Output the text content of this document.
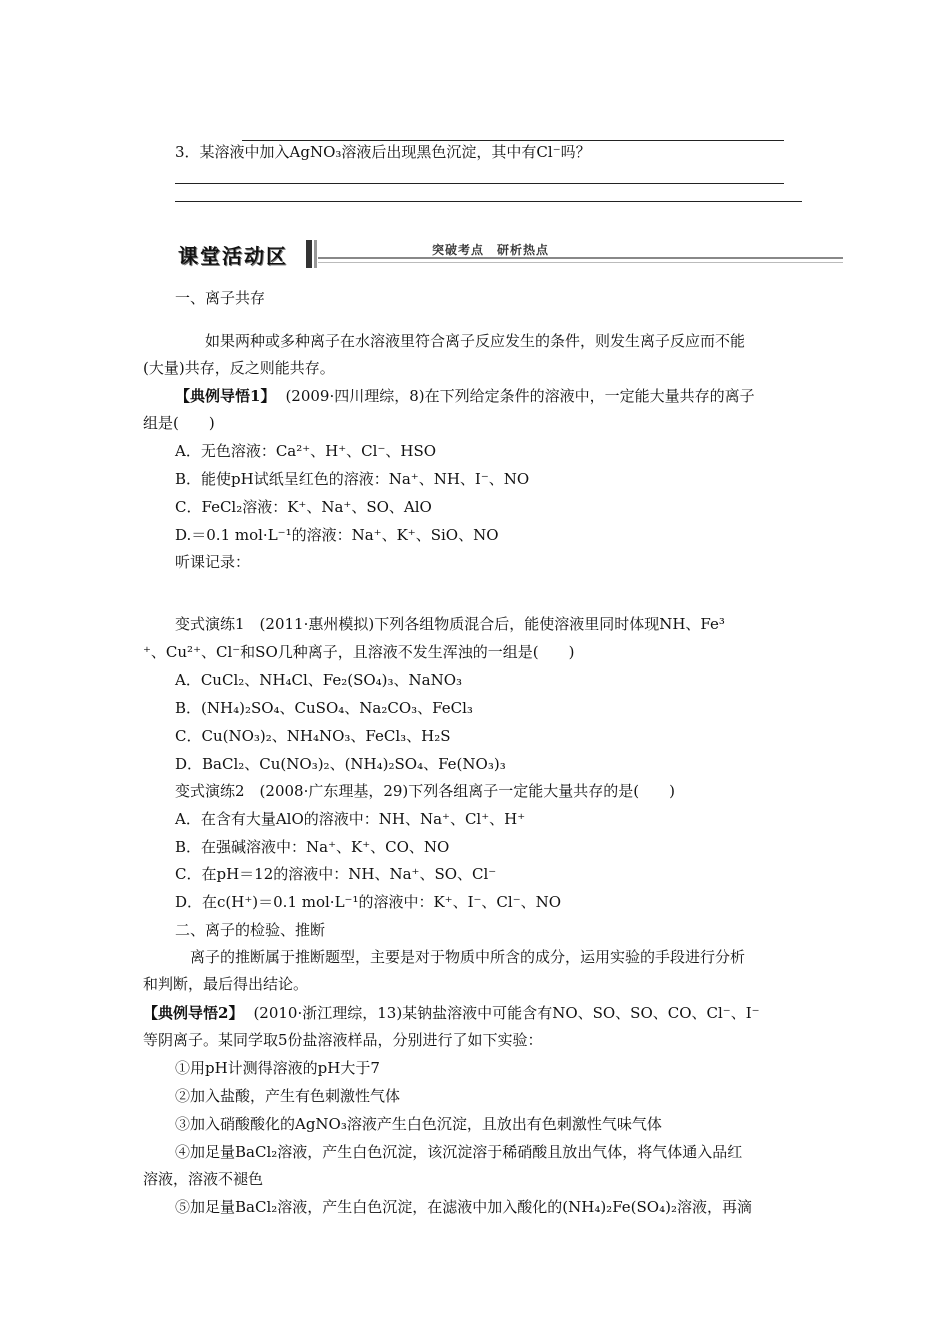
3．某溶液中加入AgNO₃溶液后出现黑色沉淀，其中有Cl⁻吗？
课堂活动区	突破考点　研析热点
一、离子共存
如果两种或多种离子在水溶液里符合离子反应发生的条件，则发生离子反应而不能
(大量)共存，反之则能共存。
【典例导悟1】 (2009·四川理综，8)在下列给定条件的溶液中，一定能大量共存的离子
组是(　　)
A．无色溶液：Ca²⁺、H⁺、Cl⁻、HSO
B．能使pH试纸呈红色的溶液：Na⁺、NH、I⁻、NO
C．FeCl₂溶液：K⁺、Na⁺、SO、AlO
D.＝0.1 mol·L⁻¹的溶液：Na⁺、K⁺、SiO、NO
听课记录：
变式演练1　(2011·惠州模拟)下列各组物质混合后，能使溶液里同时体现NH、Fe³
⁺、Cu²⁺、Cl⁻和SO几种离子，且溶液不发生浑浊的一组是(　　)
A．CuCl₂、NH₄Cl、Fe₂(SO₄)₃、NaNO₃
B．(NH₄)₂SO₄、CuSO₄、Na₂CO₃、FeCl₃
C．Cu(NO₃)₂、NH₄NO₃、FeCl₃、H₂S
D．BaCl₂、Cu(NO₃)₂、(NH₄)₂SO₄、Fe(NO₃)₃
变式演练2　(2008·广东理基，29)下列各组离子一定能大量共存的是(　　)
A．在含有大量AlO的溶液中：NH、Na⁺、Cl⁺、H⁺
B．在强碱溶液中：Na⁺、K⁺、CO、NO
C．在pH＝12的溶液中：NH、Na⁺、SO、Cl⁻
D．在c(H⁺)＝0.1 mol·L⁻¹的溶液中：K⁺、I⁻、Cl⁻、NO
二、离子的检验、推断
离子的推断属于推断题型，主要是对于物质中所含的成分，运用实验的手段进行分析
和判断，最后得出结论。
【典例导悟2】 (2010·浙江理综，13)某钠盐溶液中可能含有NO、SO、SO、CO、Cl⁻、I⁻
等阴离子。某同学取5份盐溶液样品，分别进行了如下实验：
①用pH计测得溶液的pH大于7
②加入盐酸，产生有色刺激性气体
③加入硝酸酸化的AgNO₃溶液产生白色沉淀，且放出有色刺激性气味气体
④加足量BaCl₂溶液，产生白色沉淀，该沉淀溶于稀硝酸且放出气体，将气体通入品红
溶液，溶液不褪色
⑤加足量BaCl₂溶液，产生白色沉淀，在滤液中加入酸化的(NH₄)₂Fe(SO₄)₂溶液，再滴
